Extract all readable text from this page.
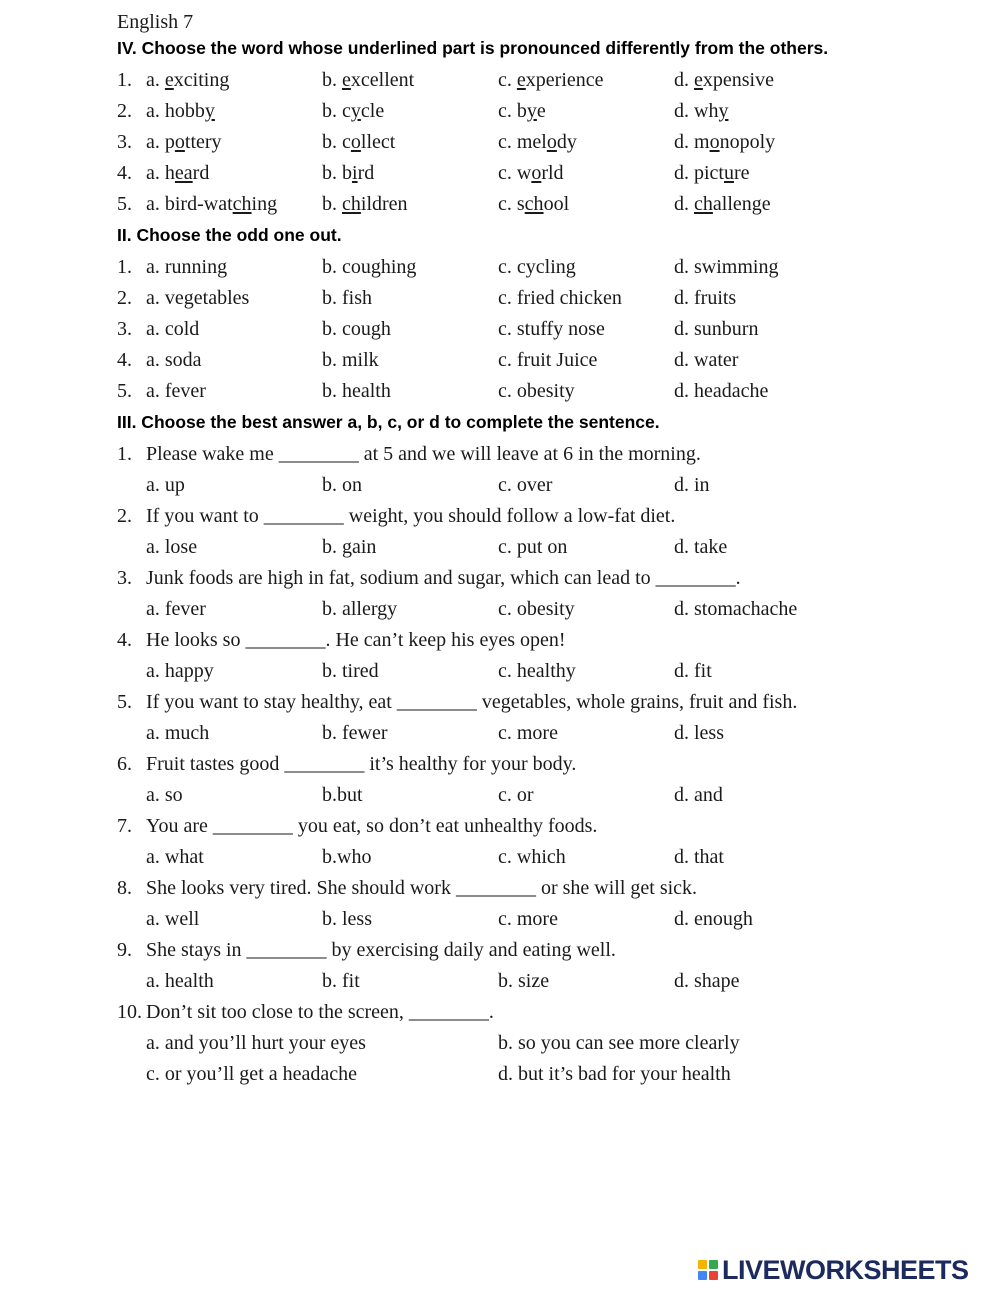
English 7
IV. Choose the word whose underlined part is pronounced differently from the others.
1. a. exciting	b. excellent	c. experience	d. expensive
2. a. hobby	b. cycle	c. bye	d. why
3. a. pottery	b. collect	c. melody	d. monopoly
4. a. heard	b. bird	c. world	d. picture
5. a. bird-watching b. children	c. school	d. challenge
II. Choose the odd one out.
1. a. running	b. coughing	c. cycling	d. swimming
2. a. vegetables	b. fish	c. fried chicken	d. fruits
3. a. cold	b. cough	c. stuffy nose	d. sunburn
4. a. soda	b. milk	c. fruit Juice	d. water
5. a. fever	b. health	c. obesity	d. headache
III. Choose the best answer a, b, c, or d to complete the sentence.
1. Please wake me ________ at 5 and we will leave at 6 in the morning.
a. up	b. on	c. over	d. in
2. If you want to ________ weight, you should follow a low-fat diet.
a. lose	b. gain	c. put on	d. take
3. Junk foods are high in fat, sodium and sugar, which can lead to ________.
a. fever	b. allergy	c. obesity	d. stomachache
4. He looks so ________. He can’t keep his eyes open!
a. happy	b. tired	c. healthy	d. fit
5. If you want to stay healthy, eat ________ vegetables, whole grains, fruit and fish.
a. much	b. fewer	c. more	d. less
6. Fruit tastes good ________ it’s healthy for your body.
a. so	b.but	c. or	d. and
7. You are ________ you eat, so don’t eat unhealthy foods.
a. what	b.who	c. which	d. that
8. She looks very tired. She should work ________ or she will get sick.
a. well	b. less	c. more	d. enough
9. She stays in ________ by exercising daily and eating well.
a. health	b. fit	b. size	d. shape
10. Don’t sit too close to the screen, ________.
a. and you’ll hurt your eyes	b. so you can see more clearly
c. or you’ll get a headache	d. but it’s bad for your health
LIVEWORKSHEETS
